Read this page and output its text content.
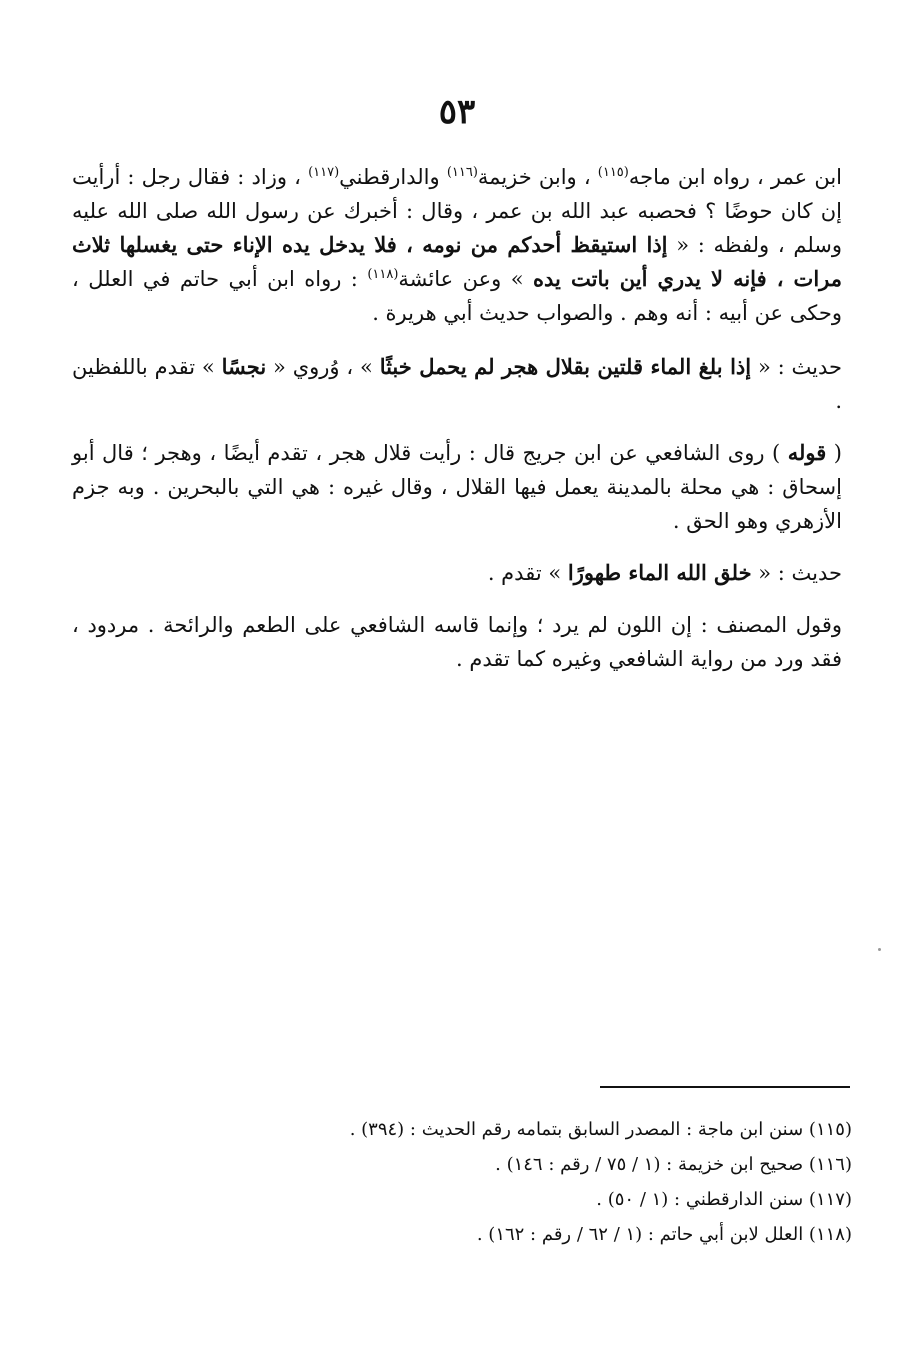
٥٣

ابن عمر ، رواه ابن ماجه$^{(١١٥)}$ ، وابن خزيمة$^{(١١٦)}$ والدارقطني$^{(١١٧)}$ ، وزاد : فقال رجل : أرأيت إن كان حوضًا ؟ فحصبه عبد الله بن عمر ، وقال : أخبرك عن رسول الله صلى الله عليه وسلم ، ولفظه : « إذا استيقظ أحدكم من نومه ، فلا يدخل يده الإناء حتى يغسلها ثلاث مرات ، فإنه لا يدري أين باتت يده » وعن عائشة$^{(١١٨)}$ : رواه ابن أبي حاتم في العلل ، وحكى عن أبيه : أنه وهم . والصواب حديث أبي هريرة .

حديث : « إذا بلغ الماء قلتين بقلال هجر لم يحمل خبثًا » ، وُروي « نجسًا » تقدم باللفظين .

( قوله ) روى الشافعي عن ابن جريج قال : رأيت قلال هجر ، تقدم أيضًا ، وهجر ؛ قال أبو إسحاق : هي محلة بالمدينة يعمل فيها القلال ، وقال غيره : هي التي بالبحرين . وبه جزم الأزهري وهو الحق .

حديث : « خلق الله الماء طهورًا » تقدم .

وقول المصنف : إن اللون لم يرد ؛ وإنما قاسه الشافعي على الطعم والرائحة . مردود ، فقد ورد من رواية الشافعي وغيره كما تقدم .

(١١٥) سنن ابن ماجة : المصدر السابق بتمامه رقم الحديث : (٣٩٤) .
(١١٦) صحيح ابن خزيمة : (١ / ٧٥ / رقم : ١٤٦) .
(١١٧) سنن الدارقطني : (١ / ٥٠) .
(١١٨) العلل لابن أبي حاتم : (١ / ٦٢ / رقم : ١٦٢) .
